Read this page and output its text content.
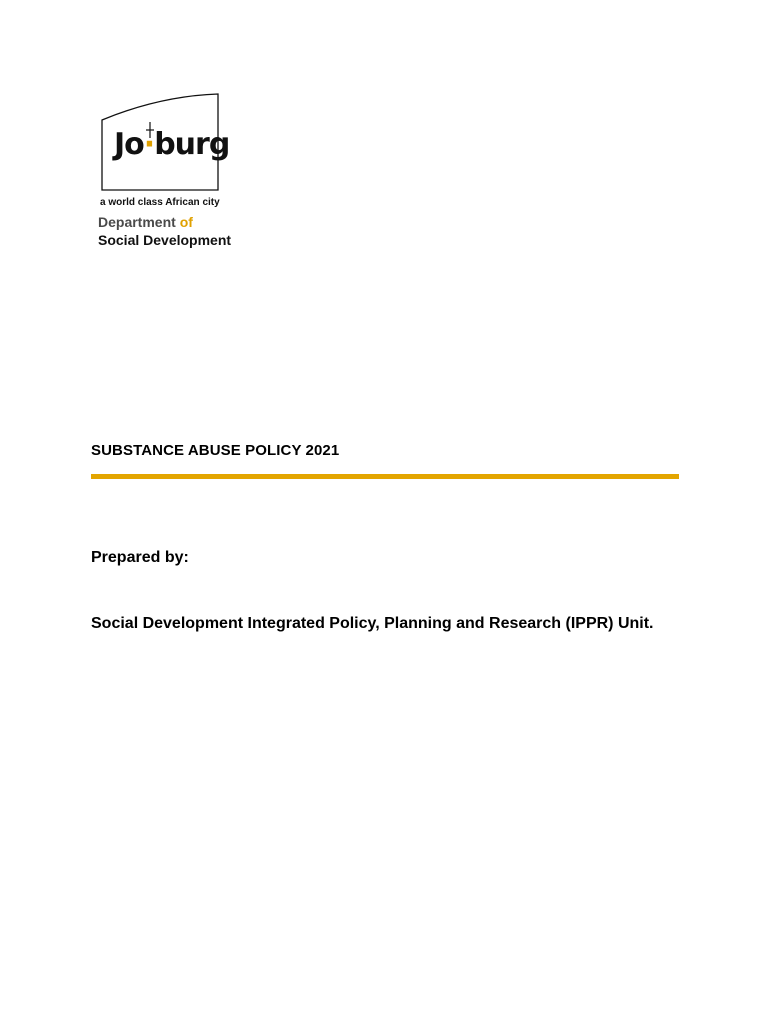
Jo·burg
a world class African city
Department of
Social Development
SUBSTANCE ABUSE POLICY 2021
Prepared by:
Social Development Integrated Policy, Planning and Research (IPPR) Unit.
